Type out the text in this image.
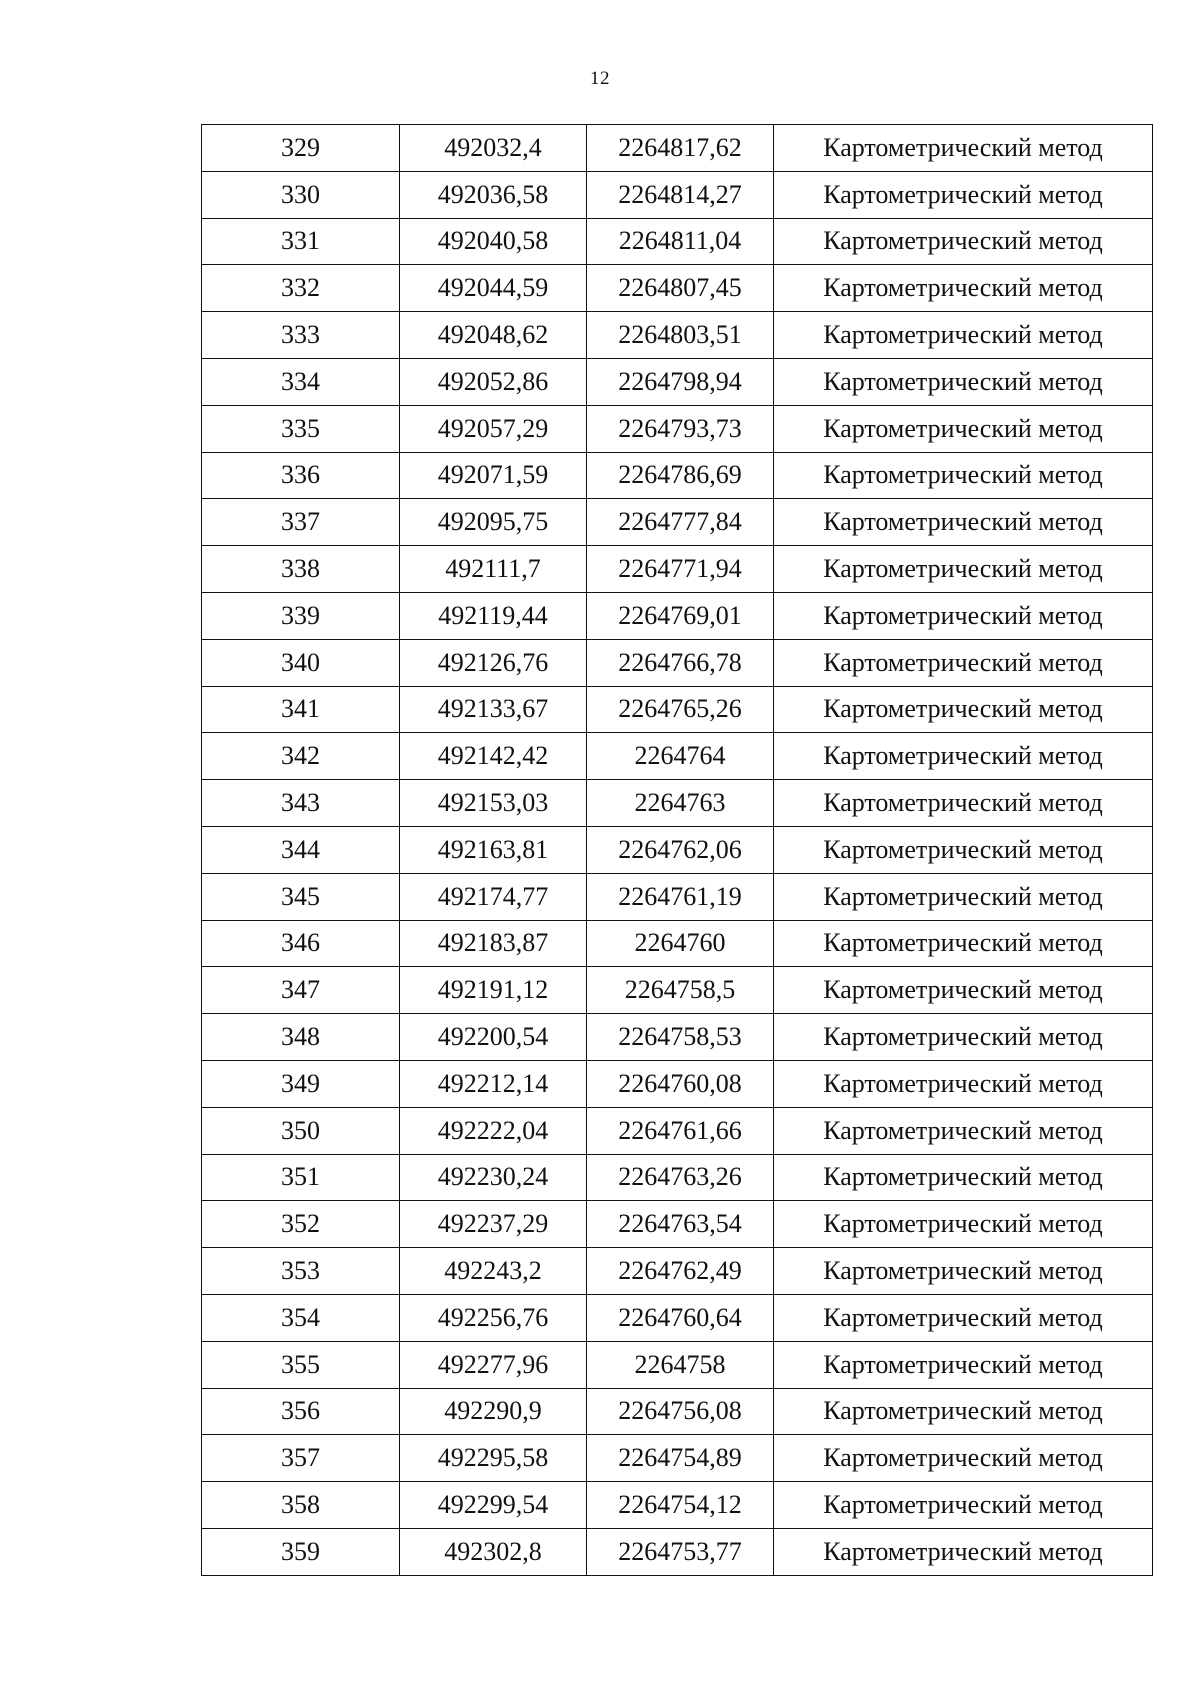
12
329	492032,4	2264817,62	Картометрический метод
330	492036,58	2264814,27	Картометрический метод
331	492040,58	2264811,04	Картометрический метод
332	492044,59	2264807,45	Картометрический метод
333	492048,62	2264803,51	Картометрический метод
334	492052,86	2264798,94	Картометрический метод
335	492057,29	2264793,73	Картометрический метод
336	492071,59	2264786,69	Картометрический метод
337	492095,75	2264777,84	Картометрический метод
338	492111,7	2264771,94	Картометрический метод
339	492119,44	2264769,01	Картометрический метод
340	492126,76	2264766,78	Картометрический метод
341	492133,67	2264765,26	Картометрический метод
342	492142,42	2264764	Картометрический метод
343	492153,03	2264763	Картометрический метод
344	492163,81	2264762,06	Картометрический метод
345	492174,77	2264761,19	Картометрический метод
346	492183,87	2264760	Картометрический метод
347	492191,12	2264758,5	Картометрический метод
348	492200,54	2264758,53	Картометрический метод
349	492212,14	2264760,08	Картометрический метод
350	492222,04	2264761,66	Картометрический метод
351	492230,24	2264763,26	Картометрический метод
352	492237,29	2264763,54	Картометрический метод
353	492243,2	2264762,49	Картометрический метод
354	492256,76	2264760,64	Картометрический метод
355	492277,96	2264758	Картометрический метод
356	492290,9	2264756,08	Картометрический метод
357	492295,58	2264754,89	Картометрический метод
358	492299,54	2264754,12	Картометрический метод
359	492302,8	2264753,77	Картометрический метод
